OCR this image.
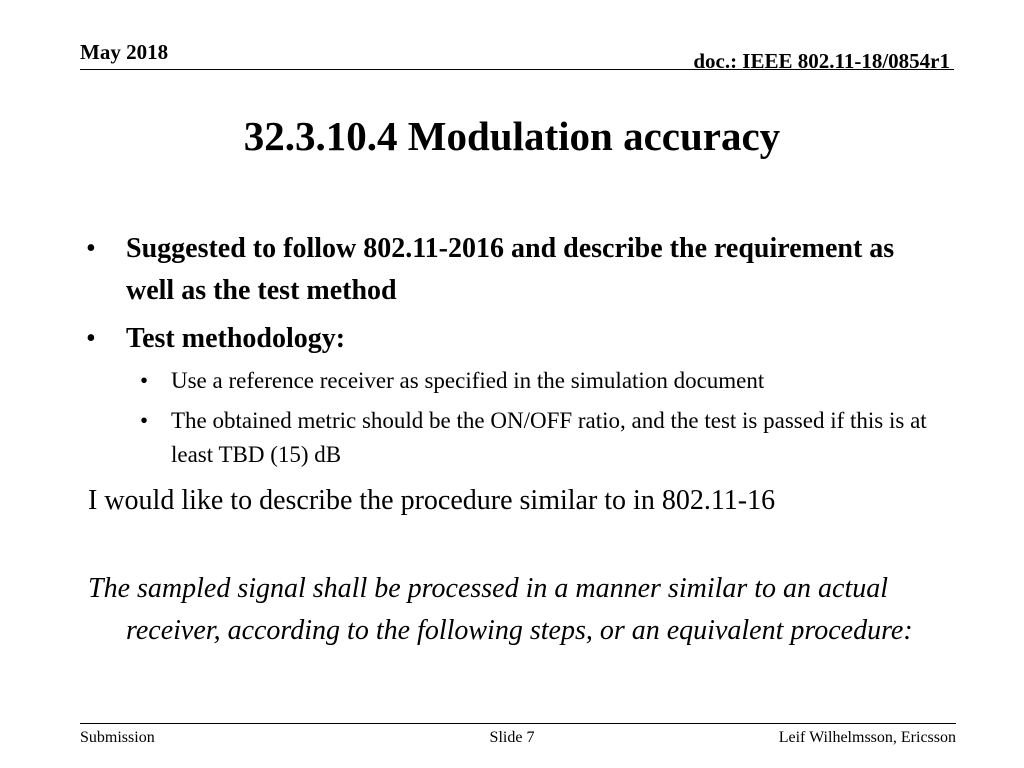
May 2018	doc.: IEEE 802.11-18/0854r1
32.3.10.4 Modulation accuracy
• Suggested to follow 802.11-2016 and describe the requirement as well as the test method
• Test methodology:
• Use a reference receiver as specified in the simulation document
• The obtained metric should be the ON/OFF ratio, and the test is passed if this is at least TBD (15) dB
I would like to describe the procedure similar to in 802.11-16
The sampled signal shall be processed in a manner similar to an actual receiver, according to the following steps, or an equivalent procedure:
Submission	Slide 7	Leif Wilhelmsson, Ericsson
